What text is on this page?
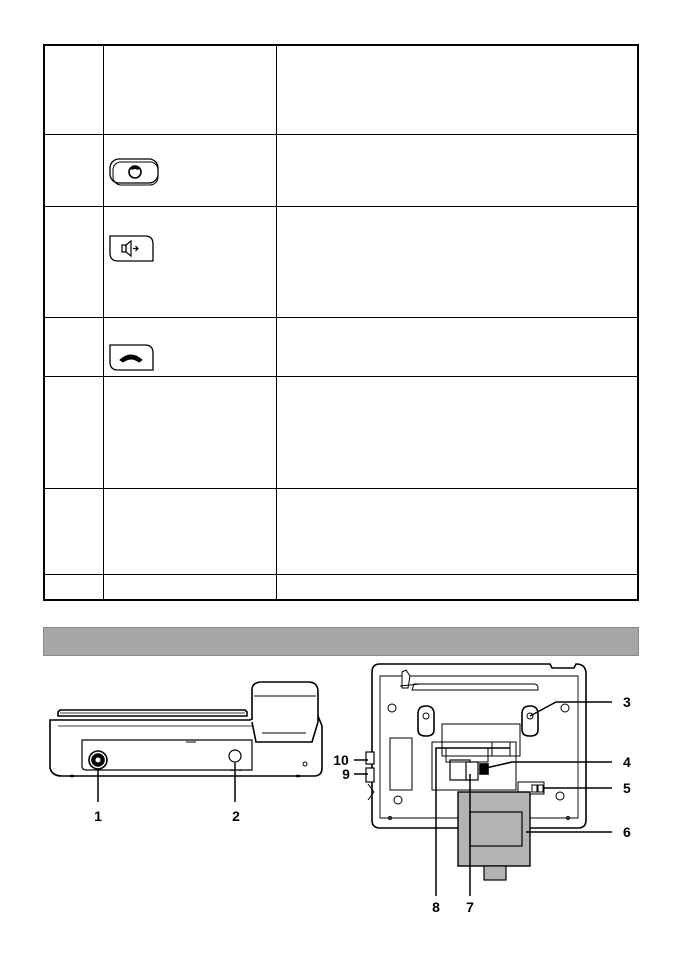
1	2
3
4
5
6
7
8
9
10
